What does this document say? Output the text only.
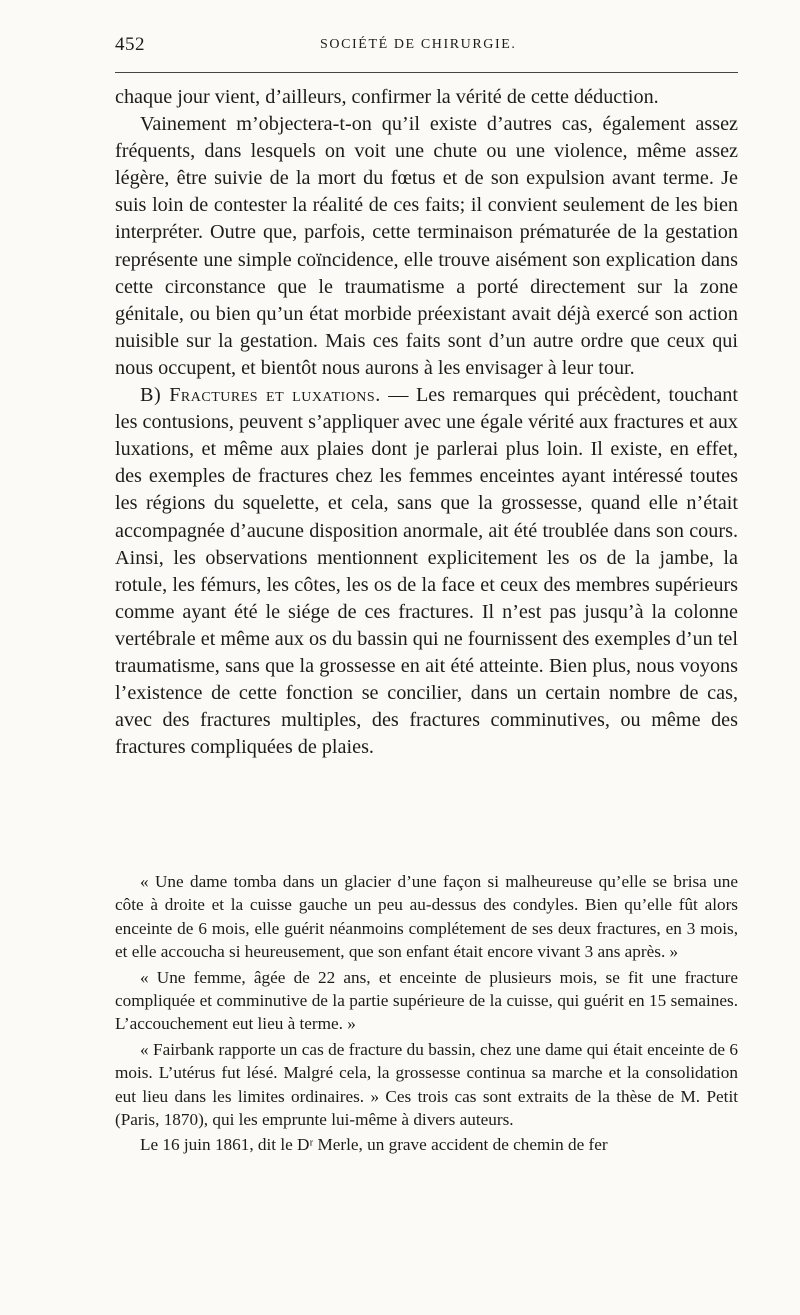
452	SOCIÉTÉ DE CHIRURGIE.

chaque jour vient, d’ailleurs, confirmer la vérité de cette déduction.

Vainement m’objectera-t-on qu’il existe d’autres cas, également assez fréquents, dans lesquels on voit une chute ou une violence, même assez légère, être suivie de la mort du fœtus et de son expulsion avant terme. Je suis loin de contester la réalité de ces faits; il convient seulement de les bien interpréter. Outre que, parfois, cette terminaison prématurée de la gestation représente une simple coïncidence, elle trouve aisément son explication dans cette circonstance que le traumatisme a porté directement sur la zone génitale, ou bien qu’un état morbide préexistant avait déjà exercé son action nuisible sur la gestation. Mais ces faits sont d’un autre ordre que ceux qui nous occupent, et bientôt nous aurons à les envisager à leur tour.

B) Fractures et luxations. — Les remarques qui précèdent, touchant les contusions, peuvent s’appliquer avec une égale vérité aux fractures et aux luxations, et même aux plaies dont je parlerai plus loin. Il existe, en effet, des exemples de fractures chez les femmes enceintes ayant intéressé toutes les régions du squelette, et cela, sans que la grossesse, quand elle n’était accompagnée d’aucune disposition anormale, ait été troublée dans son cours. Ainsi, les observations mentionnent explicitement les os de la jambe, la rotule, les fémurs, les côtes, les os de la face et ceux des membres supérieurs comme ayant été le siége de ces fractures. Il n’est pas jusqu’à la colonne vertébrale et même aux os du bassin qui ne fournissent des exemples d’un tel traumatisme, sans que la grossesse en ait été atteinte. Bien plus, nous voyons l’existence de cette fonction se concilier, dans un certain nombre de cas, avec des fractures multiples, des fractures comminutives, ou même des fractures compliquées de plaies.

« Une dame tomba dans un glacier d’une façon si malheureuse qu’elle se brisa une côte à droite et la cuisse gauche un peu au-dessus des condyles. Bien qu’elle fût alors enceinte de 6 mois, elle guérit néanmoins complétement de ses deux fractures, en 3 mois, et elle accoucha si heureusement, que son enfant était encore vivant 3 ans après. »

« Une femme, âgée de 22 ans, et enceinte de plusieurs mois, se fit une fracture compliquée et comminutive de la partie supérieure de la cuisse, qui guérit en 15 semaines. L’accouchement eut lieu à terme. »

« Fairbank rapporte un cas de fracture du bassin, chez une dame qui était enceinte de 6 mois. L’utérus fut lésé. Malgré cela, la grossesse continua sa marche et la consolidation eut lieu dans les limites ordinaires. » Ces trois cas sont extraits de la thèse de M. Petit (Paris, 1870), qui les emprunte lui-même à divers auteurs.

Le 16 juin 1861, dit le Dʳ Merle, un grave accident de chemin de fer
